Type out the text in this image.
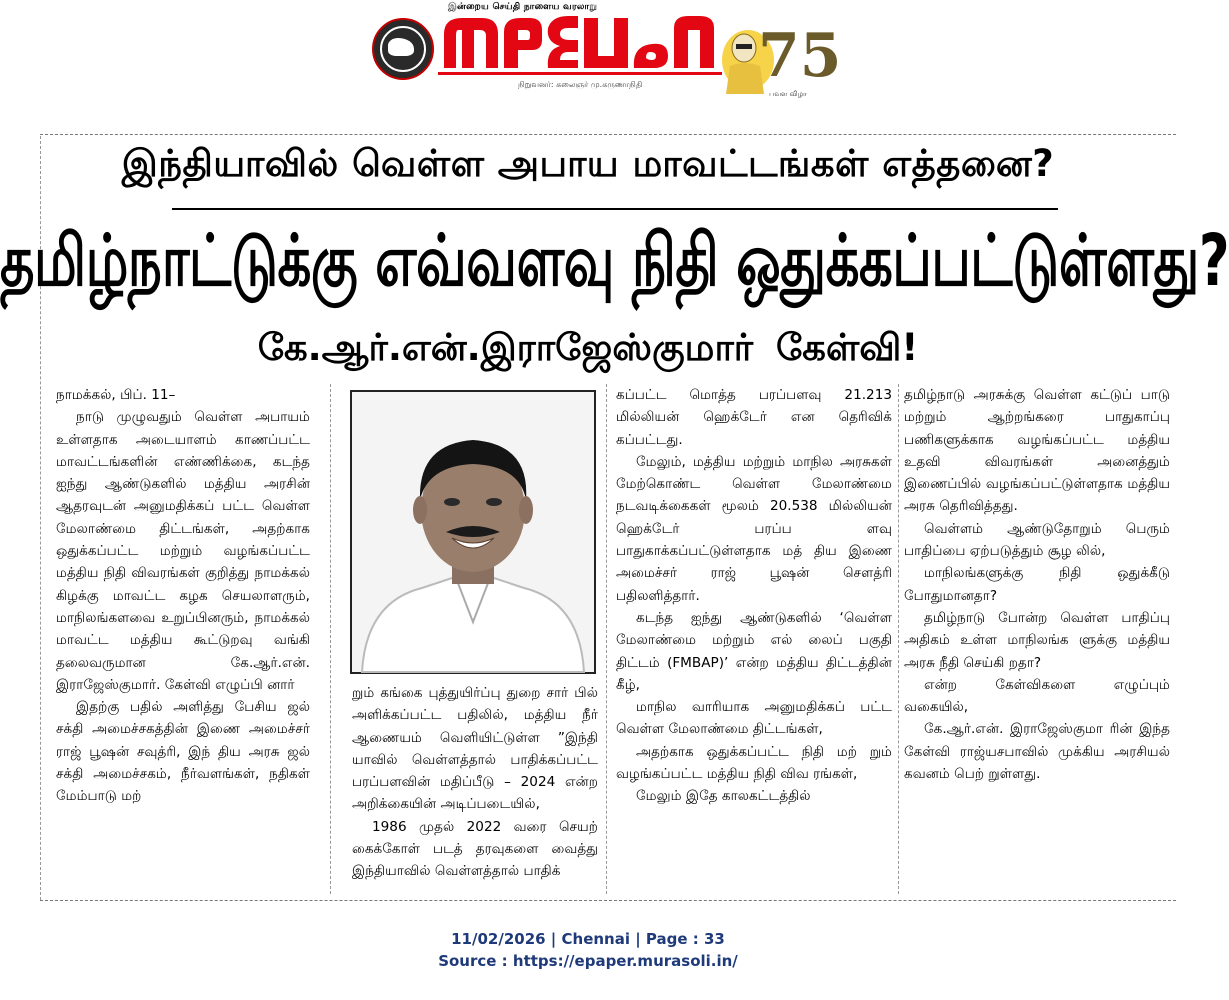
இன்றைய செய்தி நாளைய வரலாறு
நிறுவனர்: கலைஞர் மு.கருணாநிதி 75
பவள விழா
இந்தியாவில் வெள்ள அபாய மாவட்டங்கள் எத்தனை?
தமிழ்நாட்டுக்கு எவ்வளவு நிதி ஒதுக்கப்பட்டுள்ளது?
கே.ஆர்.என்.இராஜேஸ்குமார் கேள்வி!

நாமக்கல், பிப். 11–

நாடு முழுவதும் வெள்ள அபாயம் உள்ளதாக அடையாளம் காணப்பட்ட மாவட்டங்களின் எண்ணிக்கை, கடந்த ஐந்து ஆண்டுகளில் மத்திய அரசின் ஆதரவுடன் அனுமதிக்கப் பட்ட வெள்ள மேலாண்மை திட்டங்கள், அதற்காக ஒதுக்கப்பட்ட மற்றும் வழங்கப்பட்ட மத்திய நிதி விவரங்கள் குறித்து நாமக்கல் கிழக்கு மாவட்ட கழக செயலாளரும், மாநிலங்களவை உறுப்பினரும், நாமக்கல் மாவட்ட மத்திய கூட்டுறவு வங்கி தலைவருமான கே.ஆர்.என். இராஜேஸ்குமார். கேள்வி எழுப்பி னார்

இதற்கு பதில் அளித்து பேசிய ஜல் சக்தி அமைச்சகத்தின் இணை அமைச்சர் ராஜ் பூஷன் சவுத்ரி, இந் திய அரசு ஜல் சக்தி அமைச்சகம், நீர்வளங்கள், நதிகள் மேம்பாடு மற்

றும் கங்கை புத்துயிர்ப்பு துறை சார் பில் அளிக்கப்பட்ட பதிலில், மத்திய நீர் ஆணையம் வெளியிட்டுள்ள ”இந்தி யாவில் வெள்ளத்தால் பாதிக்கப்பட்ட பரப்பளவின் மதிப்பீடு – 2024 என்ற அறிக்கையின் அடிப்படையில்,

1986 முதல் 2022 வரை செயற் கைக்கோள் படத் தரவுகளை வைத்து இந்தியாவில் வெள்ளத்தால் பாதிக்

கப்பட்ட மொத்த பரப்பளவு 21.213 மில்லியன் ஹெக்டேர் என தெரிவிக் கப்பட்டது.

மேலும், மத்திய மற்றும் மாநில அரசுகள் மேற்கொண்ட வெள்ள மேலாண்மை நடவடிக்கைகள் மூலம் 20.538 மில்லியன் ஹெக்டேர் பரப்ப ளவு பாதுகாக்கப்பட்டுள்ளதாக மத் திய இணை அமைச்சர் ராஜ் பூஷன் சௌத்ரி பதிலளித்தார்.

கடந்த ஐந்து ஆண்டுகளில் ‘வெள்ள மேலாண்மை மற்றும் எல் லைப் பகுதி திட்டம் (FMBAP)’ என்ற மத்திய திட்டத்தின் கீழ்,

மாநில வாரியாக அனுமதிக்கப் பட்ட வெள்ள மேலாண்மை திட்டங்கள்,

அதற்காக ஒதுக்கப்பட்ட நிதி மற் றும் வழங்கப்பட்ட மத்திய நிதி விவ ரங்கள்,

மேலும் இதே காலகட்டத்தில்

தமிழ்நாடு அரசுக்கு வெள்ள கட்டுப் பாடு மற்றும் ஆற்றங்கரை பாதுகாப்பு பணிகளுக்காக வழங்கப்பட்ட மத்திய உதவி விவரங்கள் அனைத்தும் இணைப்பில் வழங்கப்பட்டுள்ளதாக மத்திய அரசு தெரிவித்தது.

வெள்ளம் ஆண்டுதோறும் பெரும் பாதிப்பை ஏற்படுத்தும் சூழ லில்,

மாநிலங்களுக்கு நிதி ஒதுக்கீடு போதுமானதா?

தமிழ்நாடு போன்ற வெள்ள பாதிப்பு அதிகம் உள்ள மாநிலங்க ளுக்கு மத்திய அரசு நீதி செய்கி றதா?

என்ற கேள்விகளை எழுப்பும் வகையில்,

கே.ஆர்.என். இராஜேஸ்குமா ரின் இந்த கேள்வி ராஜ்யசபாவில் முக்கிய அரசியல் கவனம் பெற் றுள்ளது.

11/02/2026 | Chennai | Page : 33
Source : https://epaper.murasoli.in/
